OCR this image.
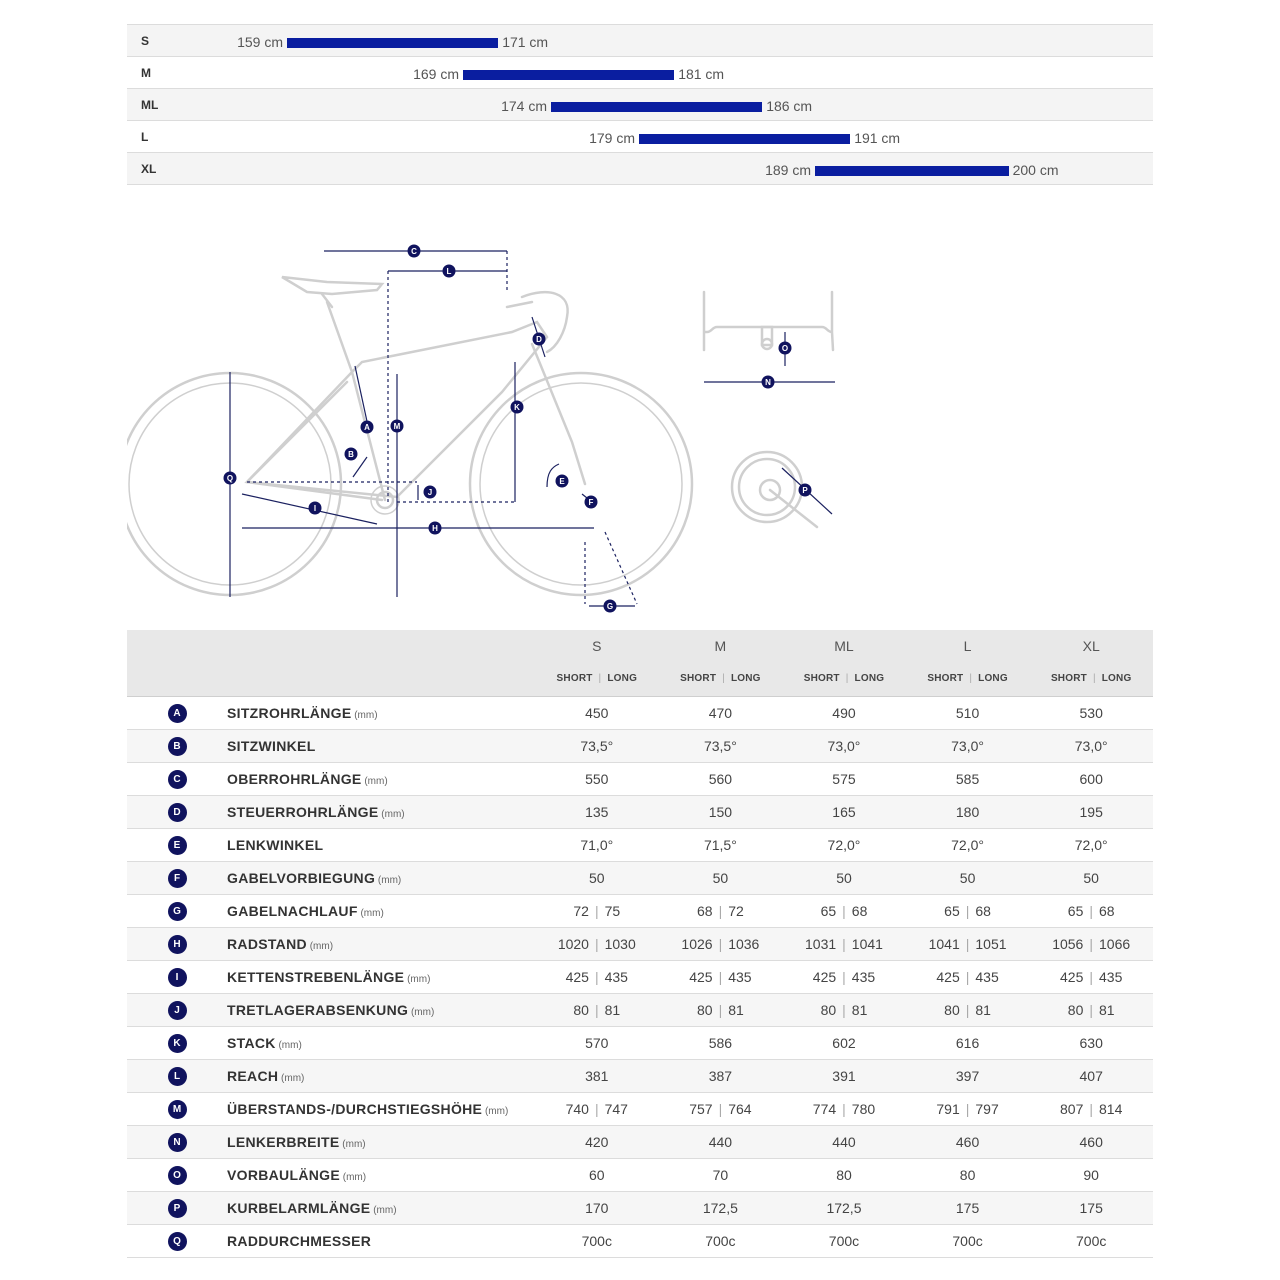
S	159 cm	171 cm
M	169 cm	181 cm
ML	174 cm	186 cm
L	179 cm	191 cm
XL	189 cm	200 cm
A
B
C
D
E
F
G
H
I
J
K
L
M
Q
N
O
P
		S	M	ML	L	XL
		SHORT | LONG	SHORT | LONG	SHORT | LONG	SHORT | LONG	SHORT | LONG
A	SITZROHRLÄNGE (mm)	450	470	490	510	530
B	SITZWINKEL	73,5°	73,5°	73,0°	73,0°	73,0°
C	OBERROHRLÄNGE (mm)	550	560	575	585	600
D	STEUERROHRLÄNGE (mm)	135	150	165	180	195
E	LENKWINKEL	71,0°	71,5°	72,0°	72,0°	72,0°
F	GABELVORBIEGUNG (mm)	50	50	50	50	50
G	GABELNACHLAUF (mm)	72 | 75	68 | 72	65 | 68	65 | 68	65 | 68
H	RADSTAND (mm)	1020 | 1030	1026 | 1036	1031 | 1041	1041 | 1051	1056 | 1066
I	KETTENSTREBENLÄNGE (mm)	425 | 435	425 | 435	425 | 435	425 | 435	425 | 435
J	TRETLAGERABSENKUNG (mm)	80 | 81	80 | 81	80 | 81	80 | 81	80 | 81
K	STACK (mm)	570	586	602	616	630
L	REACH (mm)	381	387	391	397	407
M	ÜBERSTANDS-/DURCHSTIEGSHÖHE (mm)	740 | 747	757 | 764	774 | 780	791 | 797	807 | 814
N	LENKERBREITE (mm)	420	440	440	460	460
O	VORBAULÄNGE (mm)	60	70	80	80	90
P	KURBELARMLÄNGE (mm)	170	172,5	172,5	175	175
Q	RADDURCHMESSER	700c	700c	700c	700c	700c
